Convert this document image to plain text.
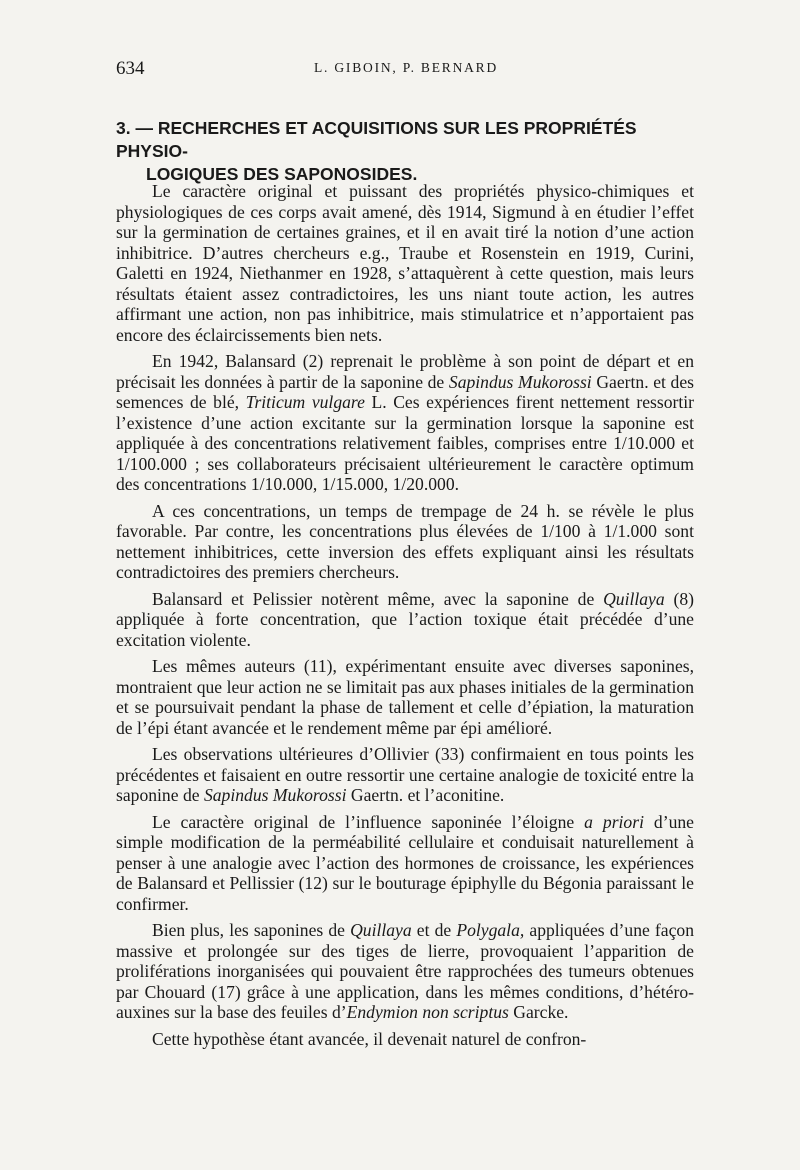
634	L. GIBOIN, P. BERNARD
3. — RECHERCHES ET ACQUISITIONS SUR LES PROPRIÉTÉS PHYSIO-
LOGIQUES DES SAPONOSIDES.

Le caractère original et puissant des propriétés physico-chimiques et physiologiques de ces corps avait amené, dès 1914, Sigmund à en étudier l’effet sur la germination de certaines graines, et il en avait tiré la notion d’une action inhibitrice. D’autres chercheurs e.g., Traube et Rosenstein en 1919, Curini, Galetti en 1924, Niethanmer en 1928, s’attaquèrent à cette question, mais leurs résultats étaient assez contradictoires, les uns niant toute action, les autres affirmant une action, non pas inhibitrice, mais stimulatrice et n’apportaient pas encore des éclaircissements bien nets.

En 1942, Balansard (2) reprenait le problème à son point de départ et en précisait les données à partir de la saponine de Sapindus Mukorossi Gaertn. et des semences de blé, Triticum vulgare L. Ces expériences firent nettement ressortir l’existence d’une action excitante sur la germination lorsque la saponine est appliquée à des concentrations relativement faibles, comprises entre 1/10.000 et 1/100.000 ; ses collaborateurs précisaient ultérieurement le caractère optimum des concentrations 1/10.000, 1/15.000, 1/20.000.

A ces concentrations, un temps de trempage de 24 h. se révèle le plus favorable. Par contre, les concentrations plus élevées de 1/100 à 1/1.000 sont nettement inhibitrices, cette inversion des effets expliquant ainsi les résultats contradictoires des premiers chercheurs.

Balansard et Pelissier notèrent même, avec la saponine de Quillaya (8) appliquée à forte concentration, que l’action toxique était précédée d’une excitation violente.

Les mêmes auteurs (11), expérimentant ensuite avec diverses saponines, montraient que leur action ne se limitait pas aux phases initiales de la germination et se poursuivait pendant la phase de tallement et celle d’épiation, la maturation de l’épi étant avancée et le rendement même par épi amélioré.

Les observations ultérieures d’Ollivier (33) confirmaient en tous points les précédentes et faisaient en outre ressortir une certaine analogie de toxicité entre la saponine de Sapindus Mukorossi Gaertn. et l’aconitine.

Le caractère original de l’influence saponinée l’éloigne a priori d’une simple modification de la perméabilité cellulaire et conduisait naturellement à penser à une analogie avec l’action des hormones de croissance, les expériences de Balansard et Pellissier (12) sur le bouturage épiphylle du Bégonia paraissant le confirmer.

Bien plus, les saponines de Quillaya et de Polygala, appliquées d’une façon massive et prolongée sur des tiges de lierre, provoquaient l’apparition de proliférations inorganisées qui pouvaient être rapprochées des tumeurs obtenues par Chouard (17) grâce à une application, dans les mêmes conditions, d’hétéro-auxines sur la base des feuiles d’Endymion non scriptus Garcke.

Cette hypothèse étant avancée, il devenait naturel de confron-
